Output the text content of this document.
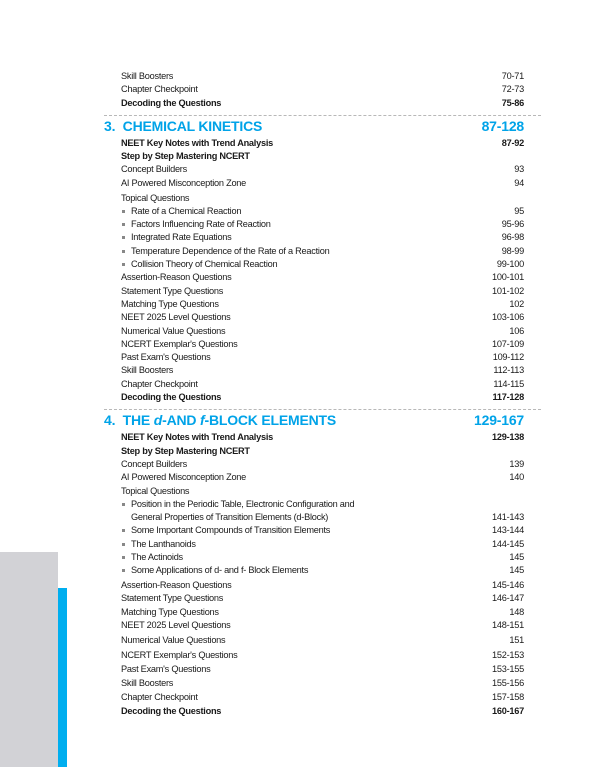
Skill Boosters	70-71
Chapter Checkpoint	72-73
Decoding the Questions	75-86
3. CHEMICAL KINETICS	87-128
NEET Key Notes with Trend Analysis	87-92
Step by Step Mastering NCERT
Concept Builders	93
AI Powered Misconception Zone	94
Topical Questions
Rate of a Chemical Reaction	95
Factors Influencing Rate of Reaction	95-96
Integrated Rate Equations	96-98
Temperature Dependence of the Rate of a Reaction	98-99
Collision Theory of Chemical Reaction	99-100
Assertion-Reason Questions	100-101
Statement Type Questions	101-102
Matching Type Questions	102
NEET 2025 Level Questions	103-106
Numerical Value Questions	106
NCERT Exemplar's Questions	107-109
Past Exam's Questions	109-112
Skill Boosters	112-113
Chapter Checkpoint	114-115
Decoding the Questions	117-128
4. THE d-AND f-BLOCK ELEMENTS	129-167
NEET Key Notes with Trend Analysis	129-138
Step by Step Mastering NCERT
Concept Builders	139
AI Powered Misconception Zone	140
Topical Questions
Position in the Periodic Table, Electronic Configuration and
General Properties of Transition Elements (d-Block)	141-143
Some Important Compounds of Transition Elements	143-144
The Lanthanoids	144-145
The Actinoids	145
Some Applications of d- and f- Block Elements	145
Assertion-Reason Questions	145-146
Statement Type Questions	146-147
Matching Type Questions	148
NEET 2025 Level Questions	148-151
Numerical Value Questions	151
NCERT Exemplar's Questions	152-153
Past Exam's Questions	153-155
Skill Boosters	155-156
Chapter Checkpoint	157-158
Decoding the Questions	160-167
